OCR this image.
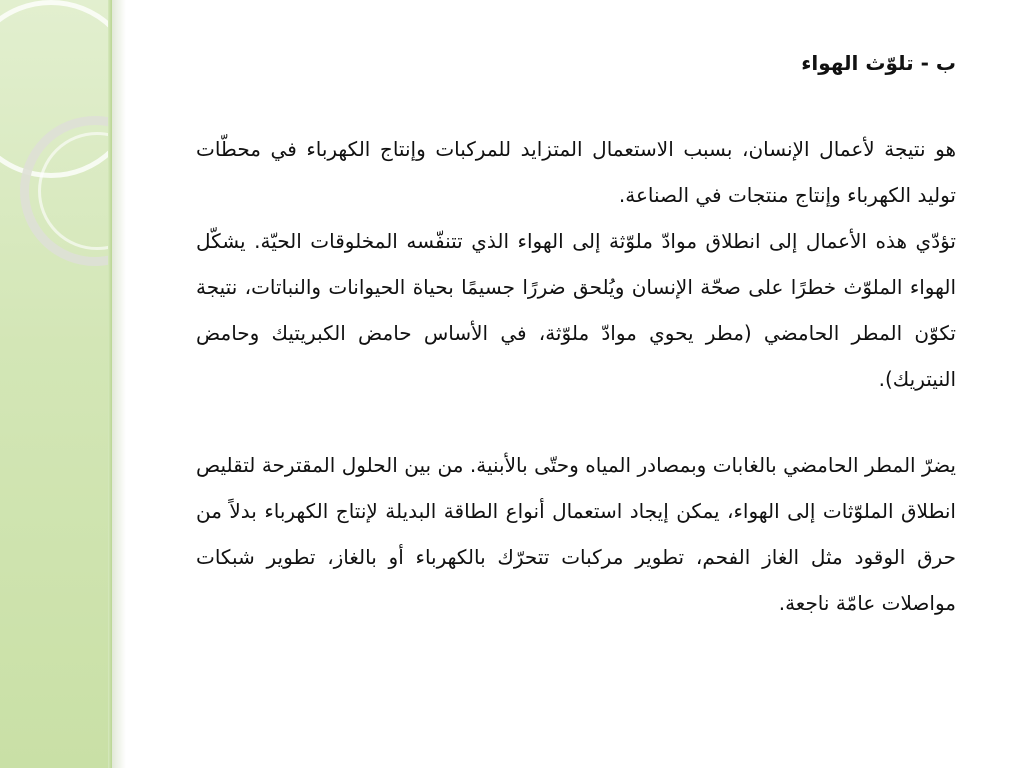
ب - تلوّث الهواء

هو نتيجة لأعمال الإنسان، بسبب الاستعمال المتزايد للمركبات وإنتاج الكهرباء في محطّات توليد الكهرباء وإنتاج منتجات في الصناعة.

تؤدّي هذه الأعمال إلى انطلاق موادّ ملوّثة إلى الهواء الذي تتنفّسه المخلوقات الحيّة. يشكّل الهواء الملوّث خطرًا على صحّة الإنسان ويُلحق ضررًا جسيمًا بحياة الحيوانات والنباتات، نتيجة تكوّن المطر الحامضي (مطر يحوي موادّ ملوّثة، في الأساس حامض الكبريتيك وحامض النيتريك).

يضرّ المطر الحامضي بالغابات وبمصادر المياه وحتّى بالأبنية. من بين الحلول المقترحة لتقليص انطلاق الملوّثات إلى الهواء، يمكن إيجاد استعمال أنواع الطاقة البديلة لإنتاج الكهرباء بدلاً من حرق الوقود مثل الغاز الفحم، تطوير مركبات تتحرّك بالكهرباء أو بالغاز، تطوير شبكات مواصلات عامّة ناجعة.
